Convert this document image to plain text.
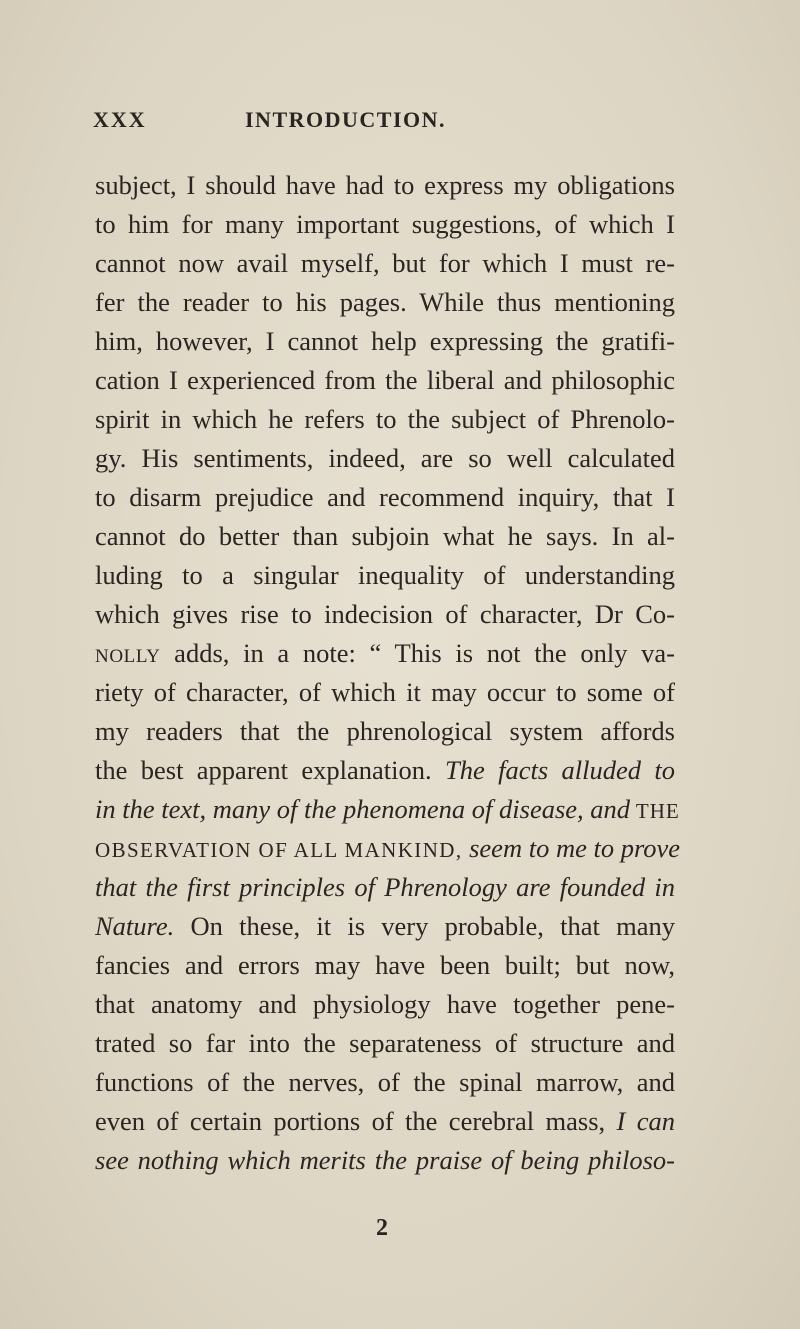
XXX	INTRODUCTION.
subject, I should have had to express my obligations
to him for many important suggestions, of which I
cannot now avail myself, but for which I must re-
fer the reader to his pages. While thus mentioning
him, however, I cannot help expressing the gratifi-
cation I experienced from the liberal and philosophic
spirit in which he refers to the subject of Phrenolo-
gy. His sentiments, indeed, are so well calculated
to disarm prejudice and recommend inquiry, that I
cannot do better than subjoin what he says. In al-
luding to a singular inequality of understanding
which gives rise to indecision of character, Dr Co-
nolly adds, in a note: “ This is not the only va-
riety of character, of which it may occur to some of
my readers that the phrenological system affords
the best apparent explanation. The facts alluded to
in the text, many of the phenomena of disease, and THE
OBSERVATION OF ALL MANKIND, seem to me to prove
that the first principles of Phrenology are founded in
Nature. On these, it is very probable, that many
fancies and errors may have been built; but now,
that anatomy and physiology have together pene-
trated so far into the separateness of structure and
functions of the nerves, of the spinal marrow, and
even of certain portions of the cerebral mass, I can
see nothing which merits the praise of being philoso-
2
